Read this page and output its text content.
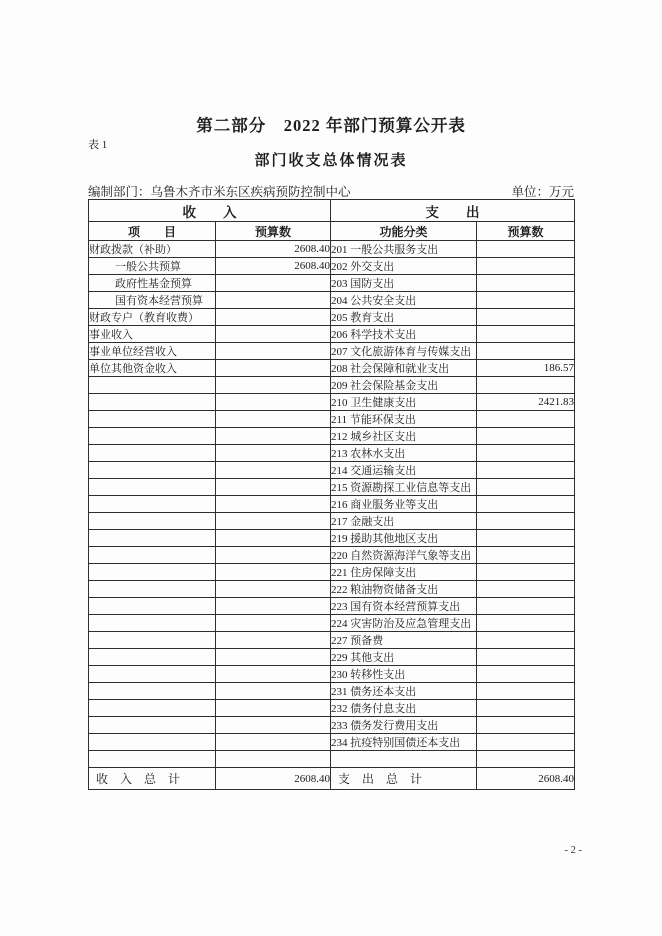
第二部分　2022 年部门预算公开表
表 1
部门收支总体情况表
编制部门：乌鲁木齐市米东区疾病预防控制中心	单位：万元
收　　入		支　　出	
项　　目	预算数	功能分类	预算数
财政拨款（补助）	2608.40	201 一般公共服务支出	
一般公共预算	2608.40	202 外交支出	
政府性基金预算		203 国防支出	
国有资本经营预算		204 公共安全支出	
财政专户（教育收费）		205 教育支出	
事业收入		206 科学技术支出	
事业单位经营收入		207 文化旅游体育与传媒支出	
单位其他资金收入		208 社会保障和就业支出	186.57
		209 社会保险基金支出	
		210 卫生健康支出	2421.83
		211 节能环保支出	
		212 城乡社区支出	
		213 农林水支出	
		214 交通运输支出	
		215 资源勘探工业信息等支出	
		216 商业服务业等支出	
		217 金融支出	
		219 援助其他地区支出	
		220 自然资源海洋气象等支出	
		221 住房保障支出	
		222 粮油物资储备支出	
		223 国有资本经营预算支出	
		224 灾害防治及应急管理支出	
		227 预备费	
		229 其他支出	
		230 转移性支出	
		231 债务还本支出	
		232 债务付息支出	
		233 债务发行费用支出	
		234 抗疫特别国债还本支出	

收　入　总　计	2608.40	支　出　总　计	2608.40
- 2 -
